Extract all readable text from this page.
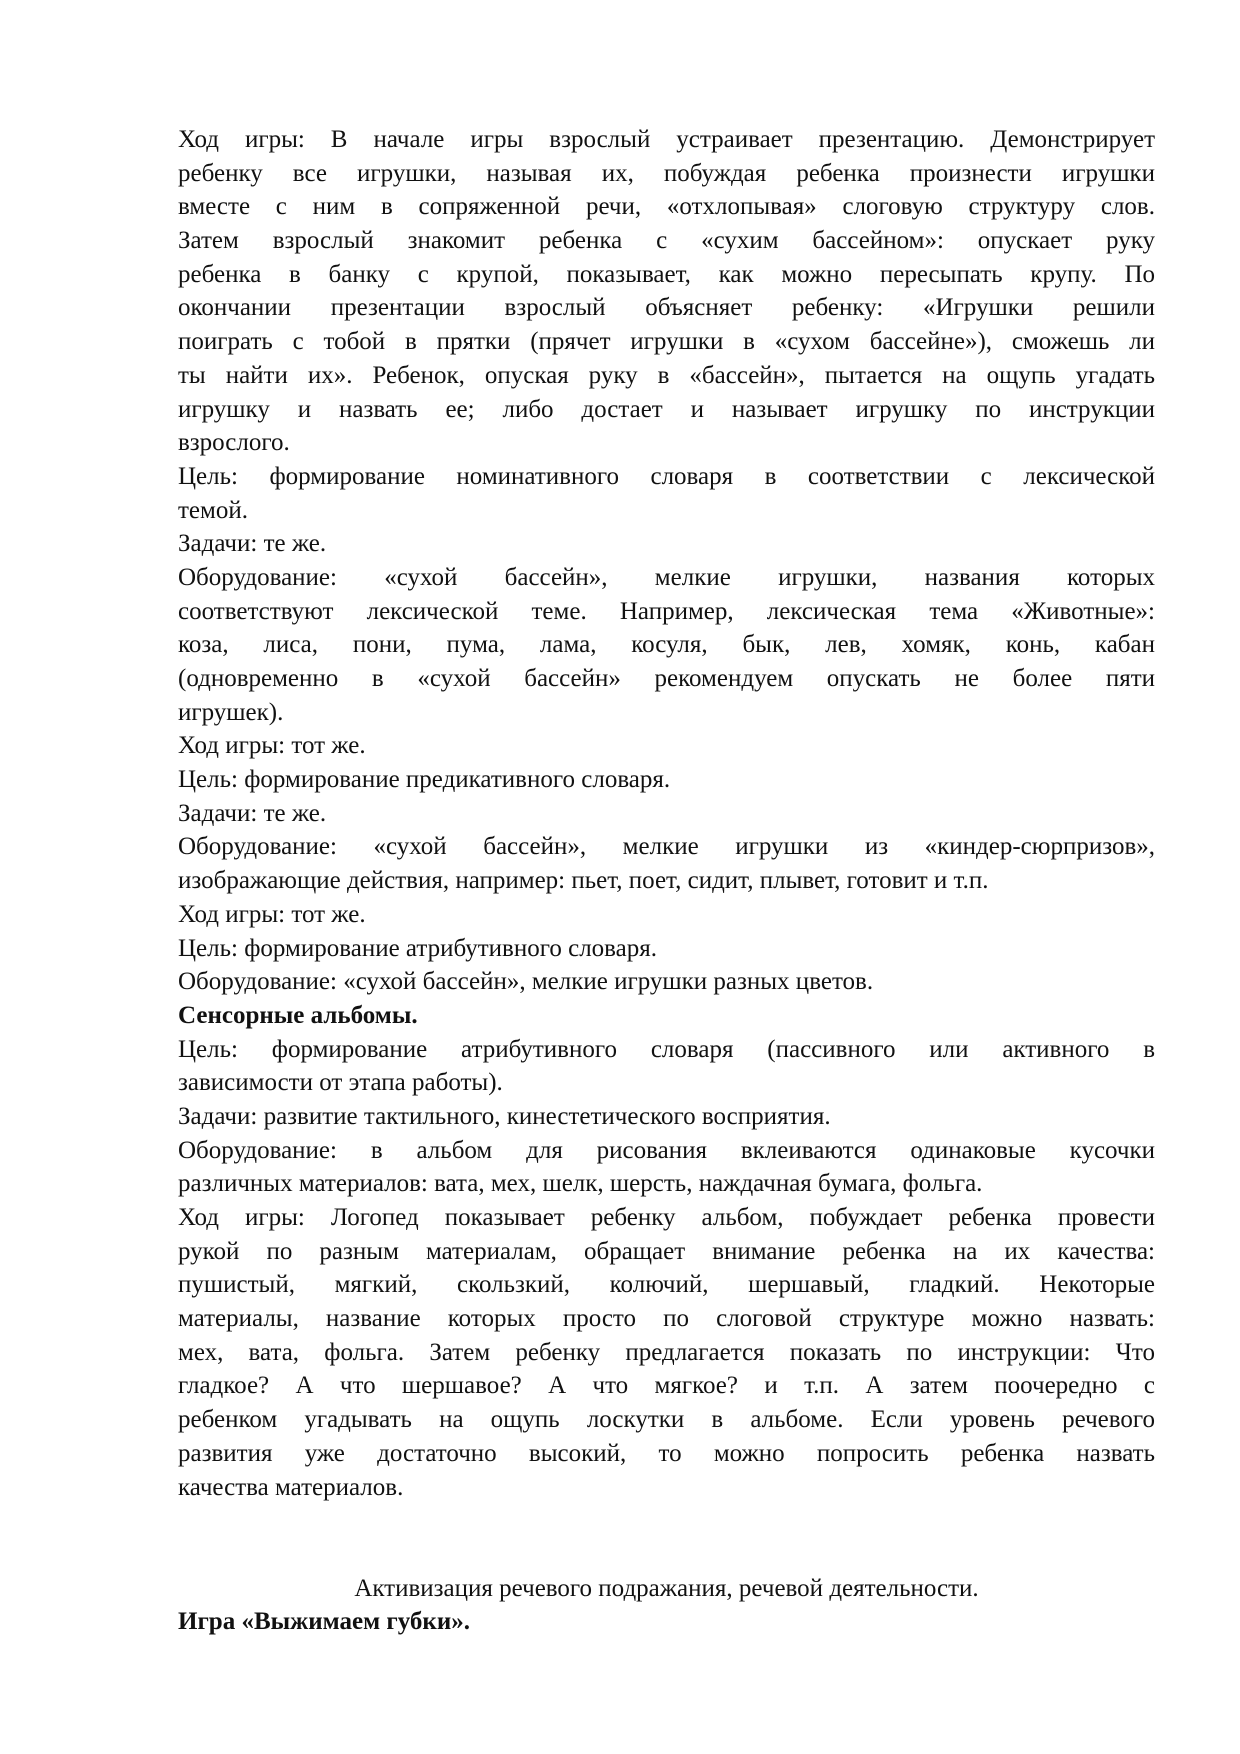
Ход игры: В начале игры взрослый устраивает презентацию. Демонстрирует
ребенку все игрушки, называя их, побуждая ребенка произнести игрушки
вместе с ним в сопряженной речи, «отхлопывая» слоговую структуру слов.
Затем взрослый знакомит ребенка с «сухим бассейном»: опускает руку
ребенка в банку с крупой, показывает, как можно пересыпать крупу. По
окончании презентации взрослый объясняет ребенку: «Игрушки решили
поиграть с тобой в прятки (прячет игрушки в «сухом бассейне»), сможешь ли
ты найти их». Ребенок, опуская руку в «бассейн», пытается на ощупь угадать
игрушку и назвать ее; либо достает и называет игрушку по инструкции
взрослого.
Цель: формирование номинативного словаря в соответствии с лексической
темой.
Задачи: те же.
Оборудование: «сухой бассейн», мелкие игрушки, названия которых
соответствуют лексической теме. Например, лексическая тема «Животные»:
коза, лиса, пони, пума, лама, косуля, бык, лев, хомяк, конь, кабан
(одновременно в «сухой бассейн» рекомендуем опускать не более пяти
игрушек).
Ход игры: тот же.
Цель: формирование предикативного словаря.
Задачи: те же.
Оборудование: «сухой бассейн», мелкие игрушки из «киндер-сюрпризов»,
изображающие действия, например: пьет, поет, сидит, плывет, готовит и т.п.
Ход игры: тот же.
Цель: формирование атрибутивного словаря.
Оборудование: «сухой бассейн», мелкие игрушки разных цветов.
Сенсорные альбомы.
Цель: формирование атрибутивного словаря (пассивного или активного в
зависимости от этапа работы).
Задачи: развитие тактильного, кинестетического восприятия.
Оборудование: в альбом для рисования вклеиваются одинаковые кусочки
различных материалов: вата, мех, шелк, шерсть, наждачная бумага, фольга.
Ход игры: Логопед показывает ребенку альбом, побуждает ребенка провести
рукой по разным материалам, обращает внимание ребенка на их качества:
пушистый, мягкий, скользкий, колючий, шершавый, гладкий. Некоторые
материалы, название которых просто по слоговой структуре можно назвать:
мех, вата, фольга. Затем ребенку предлагается показать по инструкции: Что
гладкое? А что шершавое? А что мягкое? и т.п. А затем поочередно с
ребенком угадывать на ощупь лоскутки в альбоме. Если уровень речевого
развития уже достаточно высокий, то можно попросить ребенка назвать
качества материалов.
Активизация речевого подражания, речевой деятельности.
Игра «Выжимаем губки».
